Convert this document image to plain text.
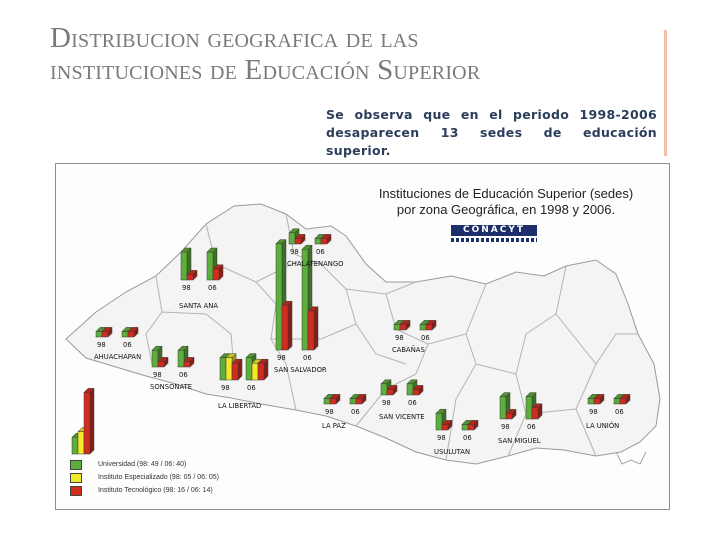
Distribucion geografica de las instituciones de Educación Superior

Se observa que en el periodo 1998-2006 desaparecen 13 sedes de educación superior.

98	06
CHALATENANGO
98	06
SANTA ANA
98	06
AHUACHAPAN
98	06
SONSONATE	98	06
LA LIBERTAD
98	06
SAN SALVADOR
98	06
CABAÑAS
98	06
LA PAZ
98	06
SAN VICENTE
98	06
USULUTAN
98	06
SAN MIGUEL
98	06
LA UNIÓN
Instituciones de Educación Superior (sedes)
por zona Geográfica, en 1998 y 2006.
CONACYT
Universidad (98: 49 / 06: 40)
Instituto Especializado (98: 05 / 06: 05)
Instituto Tecnológico (98: 16 / 06: 14)
